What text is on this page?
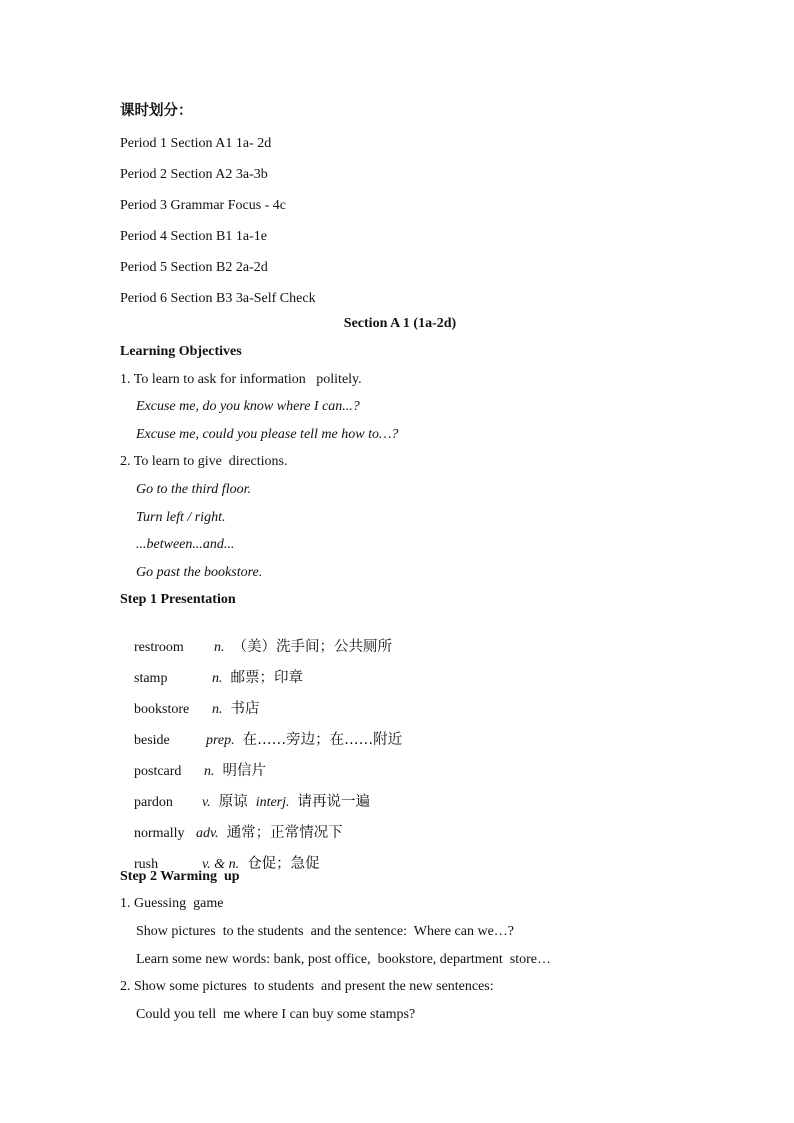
课时划分：
Period 1 Section A1 1a- 2d
Period 2 Section A2 3a-3b
Period 3 Grammar Focus - 4c
Period 4 Section B1 1a-1e
Period 5 Section B2 2a-2d
Period 6 Section B3 3a-Self Check
Section A 1 (1a-2d)
Learning Objectives
1. To learn to ask for information   politely.
Excuse me, do you know where I can...?
Excuse me, could you please tell me how to…?
2. To learn to give  directions.
Go to the third floor.
Turn left / right.
...between...and...
Go past the bookstore.
Step 1 Presentation

restroom n. （美）洗手间；公共厕所

stamp	n. 邮票；印章

bookstore n. 书店

beside	prep. 在……旁边；在……附近

postcard n. 明信片

pardon v. 原谅 interj. 请再说一遍

normally adv. 通常；正常情况下

rush	v. & n. 仓促；急促

Step 2 Warming  up
1. Guessing  game
Show pictures  to the students  and the sentence:  Where can we…?
Learn some new words: bank, post office,  bookstore, department  store…
2. Show some pictures  to students  and present the new sentences:
Could you tell  me where I can buy some stamps?
